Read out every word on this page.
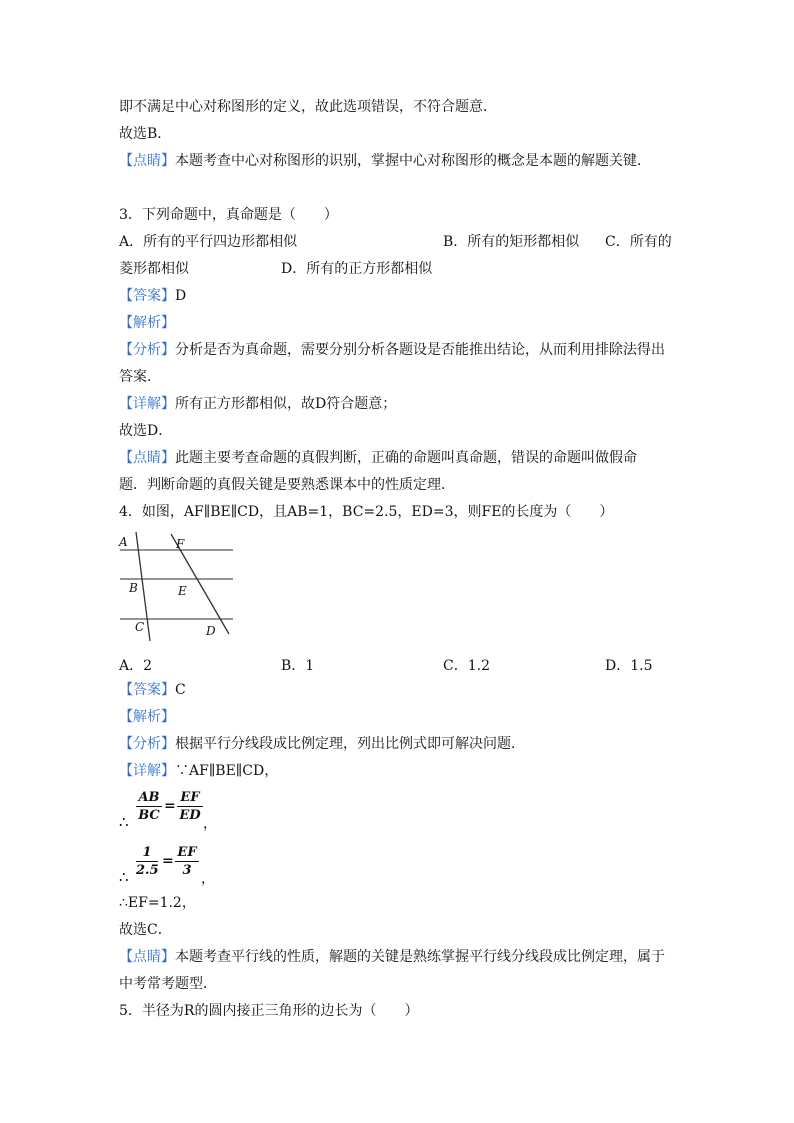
即不满足中心对称图形的定义，故此选项错误，不符合题意．
故选B．
【点睛】本题考查中心对称图形的识别，掌握中心对称图形的概念是本题的解题关键．
3．下列命题中，真命题是（　　）
A．所有的平行四边形都相似	B．所有的矩形都相似 C．所有的
菱形都相似	D．所有的正方形都相似
【答案】D
【解析】
【分析】分析是否为真命题，需要分别分析各题设是否能推出结论，从而利用排除法得出
答案．
【详解】所有正方形都相似，故D符合题意；
故选D．
【点睛】此题主要考查命题的真假判断，正确的命题叫真命题，错误的命题叫做假命
题．判断命题的真假关键是要熟悉课本中的性质定理．
4．如图，AF∥BE∥CD，且AB=1，BC=2.5，ED=3，则FE的长度为（　　）
A	F
B	E
C	D
A．2	B．1	C．1.2	D．1.5
【答案】C
【解析】
【分析】根据平行分线段成比例定理，列出比例式即可解决问题．
【详解】∵AF∥BE∥CD，
AB
BC
=
EF
ED
∴	，
1
2.5
=
EF
3
∴	，
∴EF=1.2，
故选C．
【点睛】本题考查平行线的性质，解题的关键是熟练掌握平行线分线段成比例定理，属于
中考常考题型．
5．半径为R的圆内接正三角形的边长为（　　）
